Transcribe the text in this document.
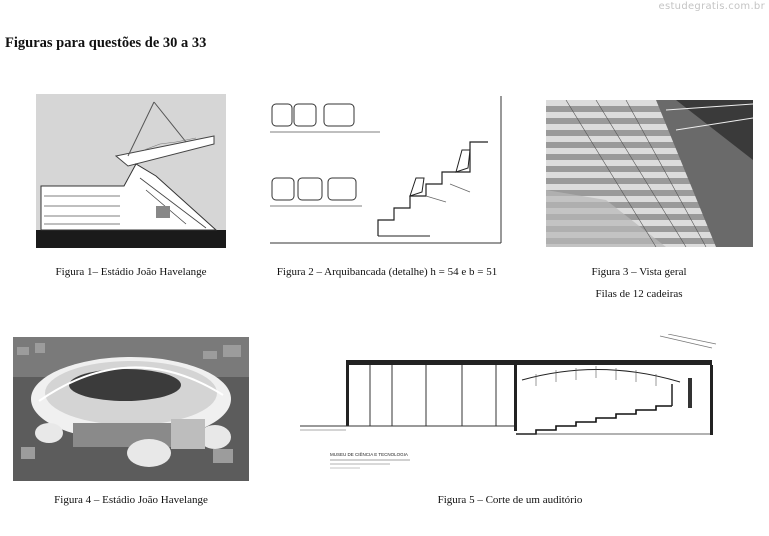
estudegratis.com.br
Figuras para questões de 30 a 33
Figura 1– Estádio João Havelange	Figura 2 – Arquibancada (detalhe) h = 54 e b = 51	Figura 3 – Vista geral
Filas de 12 cadeiras
Figura 4 – Estádio João Havelange
MUSEU DE CIÊNCIA E TECNOLOGIA
Figura 5 – Corte de um auditório
